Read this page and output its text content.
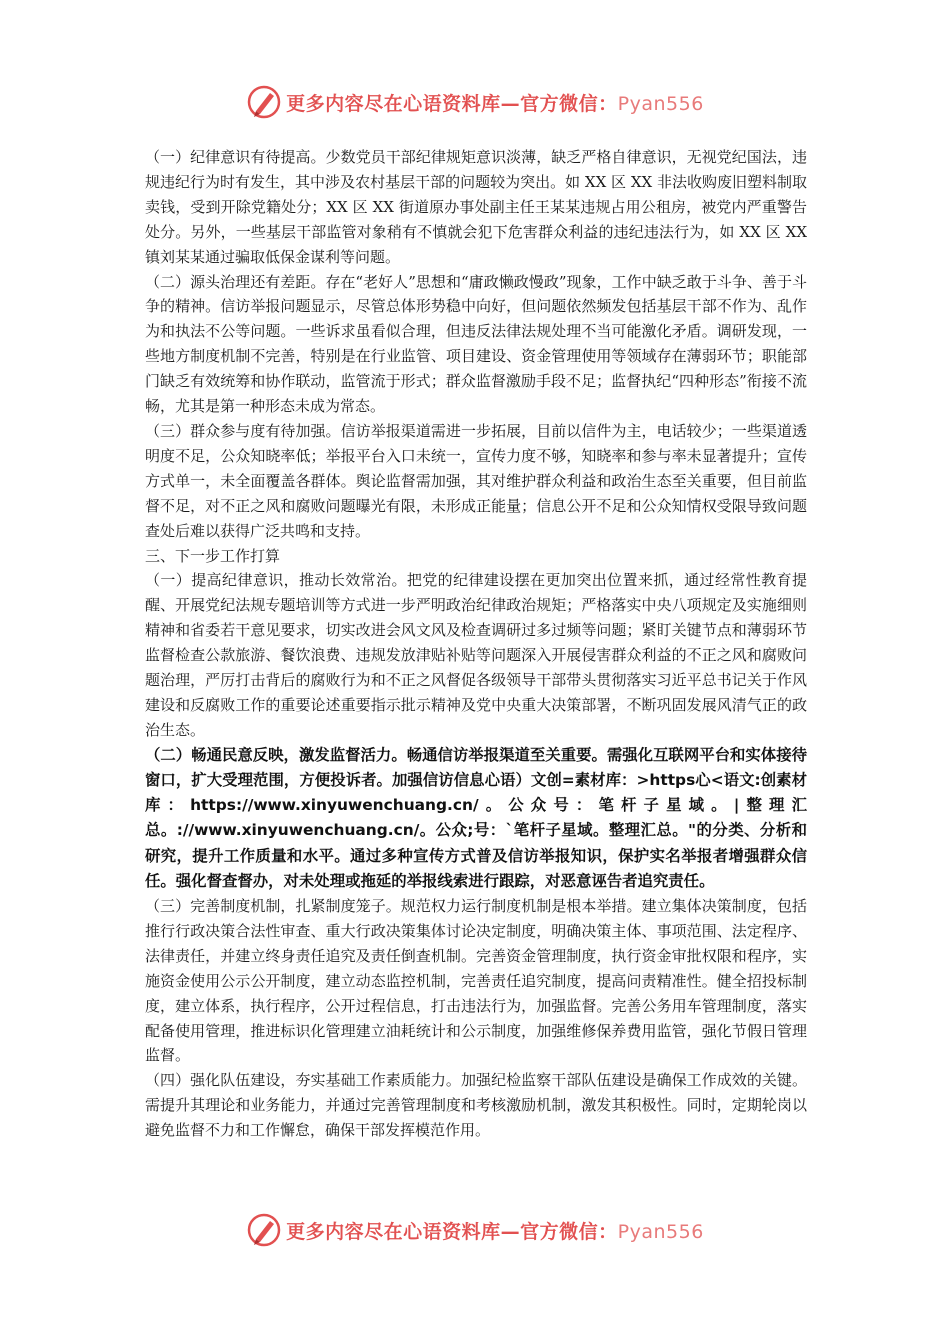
更多内容尽在心语资料库—官方微信：Pyan556

（一）纪律意识有待提高。少数党员干部纪律规矩意识淡薄，缺乏严格自律意识，无视党纪国法，违规违纪行为时有发生，其中涉及农村基层干部的问题较为突出。如 XX 区 XX 非法收购废旧塑料制取卖钱，受到开除党籍处分；XX 区 XX 街道原办事处副主任王某某违规占用公租房，被党内严重警告处分。另外，一些基层干部监管对象稍有不慎就会犯下危害群众利益的违纪违法行为，如 XX 区 XX 镇刘某某通过骗取低保金谋利等问题。

（二）源头治理还有差距。存在“老好人”思想和“庸政懒政慢政”现象，工作中缺乏敢于斗争、善于斗争的精神。信访举报问题显示，尽管总体形势稳中向好，但问题依然频发包括基层干部不作为、乱作为和执法不公等问题。一些诉求虽看似合理，但违反法律法规处理不当可能激化矛盾。调研发现，一些地方制度机制不完善，特别是在行业监管、项目建设、资金管理使用等领域存在薄弱环节；职能部门缺乏有效统筹和协作联动，监管流于形式；群众监督激励手段不足；监督执纪“四种形态”衔接不流畅，尤其是第一种形态未成为常态。

（三）群众参与度有待加强。信访举报渠道需进一步拓展，目前以信件为主，电话较少；一些渠道透明度不足，公众知晓率低；举报平台入口未统一，宣传力度不够，知晓率和参与率未显著提升；宣传方式单一，未全面覆盖各群体。舆论监督需加强，其对维护群众利益和政治生态至关重要，但目前监督不足，对不正之风和腐败问题曝光有限，未形成正能量；信息公开不足和公众知情权受限导致问题查处后难以获得广泛共鸣和支持。

三、下一步工作打算

（一）提高纪律意识，推动长效常治。把党的纪律建设摆在更加突出位置来抓，通过经常性教育提醒、开展党纪法规专题培训等方式进一步严明政治纪律政治规矩；严格落实中央八项规定及实施细则精神和省委若干意见要求，切实改进会风文风及检查调研过多过频等问题；紧盯关键节点和薄弱环节监督检查公款旅游、餐饮浪费、违规发放津贴补贴等问题深入开展侵害群众利益的不正之风和腐败问题治理，严厉打击背后的腐败行为和不正之风督促各级领导干部带头贯彻落实习近平总书记关于作风建设和反腐败工作的重要论述重要指示批示精神及党中央重大决策部署，不断巩固发展风清气正的政治生态。

（二）畅通民意反映，激发监督活力。畅通信访举报渠道至关重要。需强化互联网平台和实体接待窗口，扩大受理范围，方便投诉者。加强信访信息心语）文创=素材库：>https心<语文:创素材库：https://www.xinyuwenchuang.cn/。公众号：笔杆子星域。|整理汇总。://www.xinyuwenchuang.cn/。公众;号：`笔杆子星域。整理汇总。"的分类、分析和研究，提升工作质量和水平。通过多种宣传方式普及信访举报知识，保护实名举报者增强群众信任。强化督查督办，对未处理或拖延的举报线索进行跟踪，对恶意诬告者追究责任。

（三）完善制度机制，扎紧制度笼子。规范权力运行制度机制是根本举措。建立集体决策制度，包括推行行政决策合法性审查、重大行政决策集体讨论决定制度，明确决策主体、事项范围、法定程序、法律责任，并建立终身责任追究及责任倒查机制。完善资金管理制度，执行资金审批权限和程序，实施资金使用公示公开制度，建立动态监控机制，完善责任追究制度，提高问责精准性。健全招投标制度，建立体系，执行程序，公开过程信息，打击违法行为，加强监督。完善公务用车管理制度，落实配备使用管理，推进标识化管理建立油耗统计和公示制度，加强维修保养费用监管，强化节假日管理监督。

（四）强化队伍建设，夯实基础工作素质能力。加强纪检监察干部队伍建设是确保工作成效的关键。需提升其理论和业务能力，并通过完善管理制度和考核激励机制，激发其积极性。同时，定期轮岗以避免监督不力和工作懈怠，确保干部发挥模范作用。

更多内容尽在心语资料库—官方微信：Pyan556
